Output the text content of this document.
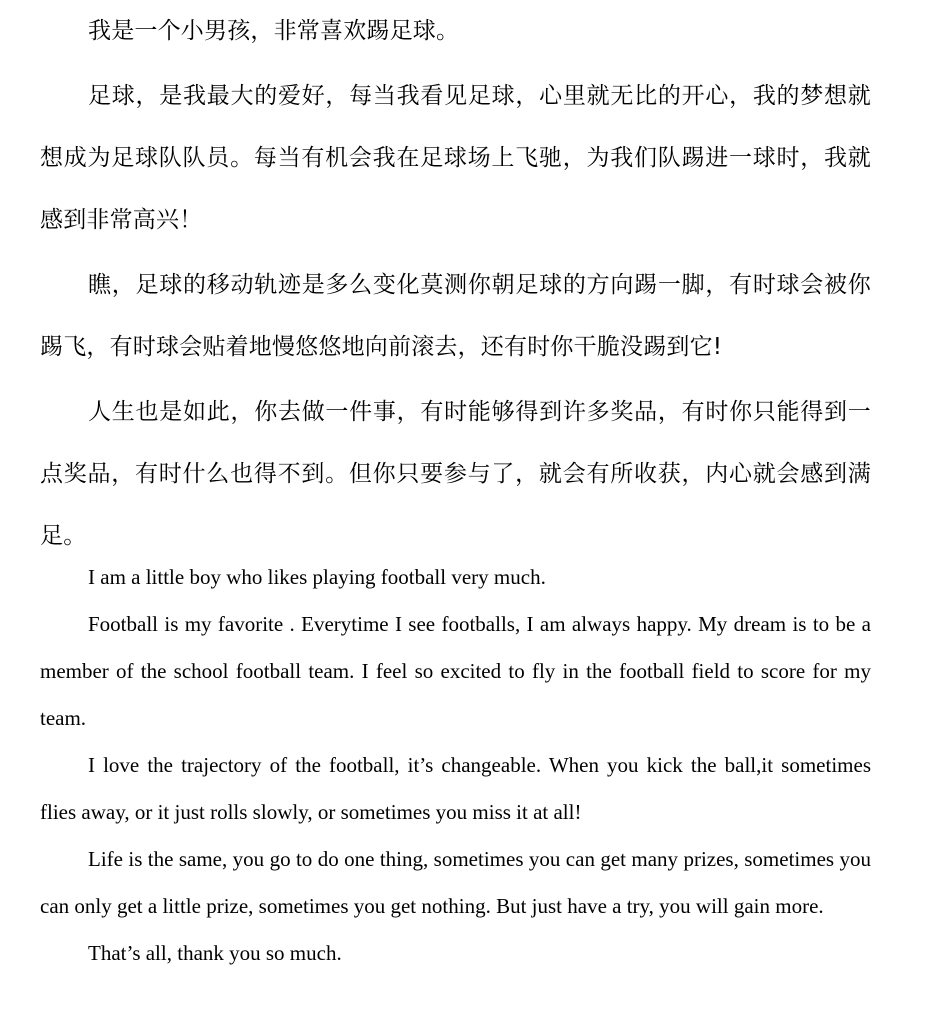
我是一个小男孩，非常喜欢踢足球。

足球，是我最大的爱好，每当我看见足球，心里就无比的开心，我的梦想就想成为足球队队员。每当有机会我在足球场上飞驰，为我们队踢进一球时，我就感到非常高兴！

瞧，足球的移动轨迹是多么变化莫测你朝足球的方向踢一脚，有时球会被你踢飞，有时球会贴着地慢悠悠地向前滚去，还有时你干脆没踢到它!

人生也是如此，你去做一件事，有时能够得到许多奖品，有时你只能得到一点奖品，有时什么也得不到。但你只要参与了，就会有所收获，内心就会感到满足。

I am a little boy who likes playing football very much.

Football is my favorite . Everytime I see footballs, I am always happy. My dream is to be a member of the school football team. I feel so excited to fly in the football field to score for my team.

I love the trajectory of the football, it’s changeable. When you kick the ball,it sometimes flies away, or it just rolls slowly, or sometimes you miss it at all!

Life is the same, you go to do one thing, sometimes you can get many prizes, sometimes you can only get a little prize, sometimes you get nothing. But just have a try, you will gain more.

That’s all, thank you so much.
